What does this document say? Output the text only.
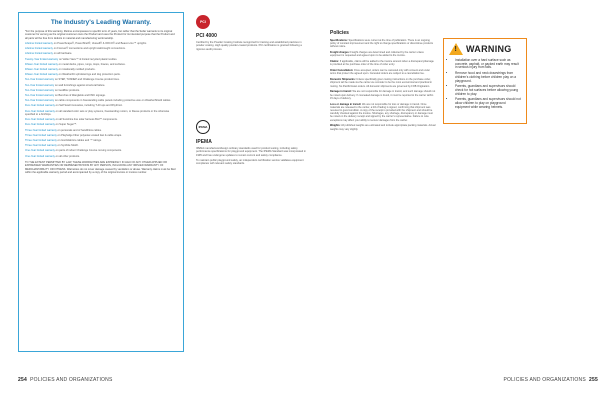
The Industry's Leading Warranty.
*For the purpose of this warranty, lifetime encompasses to specific term of years, but rather that the Seller warrants to its original customer for as long as the original customer owns the Product and uses the Product for its intended purpose that the Product and all parts will be free from defects in material and manufacturing workmanship.
Lifetime limited warranty on PowerScape®, PowerShell®, Vessell® & ORCO® and Beacon-Go™ uprights
Lifetime limited warranty on Forever® connections and upright wall-bought connections.
Lifetime limited warranty on all hardware.
Twenty-Year limited warranty on Vellier Vacu™ & limited recycled plastic textiles.
Fifteen-Year limited warranty on metal decks, pipes, rungs, loops, braces, and surfaces.
Fifteen-Year limited warranty on rotationally molded products.
Fifteen-Year limited warranty on WeatherFit upholsterings and dog protection parts.
Ten-Year limited warranty on STEP, TUNNEP and Challenge Course product lines.
Ten-Year limited warranty on wall furnishings against structural failure.
Ten-Year limited warranty on GeoBlox products.
Ten-Year limited warranty on Benches & Wanglelok and FMC signage.
Ten-Year limited warranty on cable components in freestanding cable panels including protective wax on WeatherShield cables.
Five-Year limited warranty on Self Swell innovative, including T-40 ups and Rhythmic.
Five-Year limited warranty on all standard color sets or play systems, freestanding motion, or Reese products or the otherwise specified to a birchtips.
Five-Year limited warranty on all Sunshine line solar harness Boil™ components.
Five-Year limited warranty on Super Sugar™.
Three-Year limited warranty on personals and of handiFlow cables.
Three-Year limited warranty on Playfudge Fiber polyester-coated feet & cable wraps.
Three-Year limited warranty on Gordofabrics cables and ™ ratings.
Three-Year limited warranty on Synthite Mulch.
One-Year limited warranty on parts of indoor Challenge Course moving components.
One-Year limited warranty on all other products.
TO THE EXTENT PERMITTED BY LAW, THESE WARRANTIES ARE EXPRESSLY IN LIEU OF ANY OTHER APPLIED OR EXPRESSED WARRANTIES OR REPRESENTATIONS BY ANY PERSON, INCLUDING ANY IMPLIED WARRANTY OF MERCHANTABILITY OR FITNESS. Warranties do not cover damage caused by vandalism or abuse. Warranty claims must be filed within the applicable warranty period and accompanied by a copy of the original invoice or invoice number.
PCI
PCI 4000
Certified by the Powder Coating Institute recognized for training and established practices in powder coating. High quality powder-coated products. PCI certification is granted following a rigorous audit process.
IPEMA
IPEMA

IPEMA manufacturer/design ordinary standards used for product testing, including safety performance specifications for playground equipment. The IPEMA Standard was incorporated in 1995 and has undergone updates to remain current and safety compliance.

To maintain public playground safety, an independent certification service validates equipment compliance with relevant safety standards.

Policies
Specifications: Specifications were current at the time of publication. There is an ongoing policy of constant improvement and the right to change specifications or discontinue products without notice.
Freight charges: Freight charges are determined and collected by the carrier unless equipment is requested and agreed upon to be added to the invoice.
Claims: If applicable, claims will be added to the invoice amount when a discrepancy/damage is provided at the purchase order of the time of order entry.
Order Cancellation: Once accepted, orders can be canceled only with consent and under terms that protect the agreed upon. Canceled orders are subject to a cancellation fee.
Domestic Shipments: Unless specifically given routing instructions on the purchase order, shipment will be made via the carrier we consider to be the most economical and practical in routing. No Pacific/Asian orders. All domestic shipments are governed by FOB Origination.
Damage in transit: We are not responsible for damage in transit, and such damage should not be noted upon delivery. If concealed damage is found, it must be reported to the carrier within 15 days of delivery.
Loss or damage in transit: We are not responsible for loss or damage in transit. Once materials are released to the carrier, a bill of lading is signed, confirming that shipment was received in good condition. A copy of the receipt is provided with the shipment and should be carefully checked against the invoice. Shortages, any shortage, discrepancy or damage must be noted on the delivery receipt and signed by the carrier's representative. Failure to note exceptions may affect your ability to recover damages from the carrier.
Weights: All published weights are estimated and include appropriate packing materials. Actual weights may vary slightly.
! WARNING
• Installation over a hard surface such as concrete, asphalt, or packed earth may result in serious injury from falls.
• Remove hood and neck drawstrings from children's clothing before children play on a playground.
• Parents, guardians and supervisors should check for hot surfaces before allowing young children to play.
• Parents, guardians and supervisors should not allow children to play on playground equipment while wearing helmets.
254 POLICIES AND ORGANIZATIONS	POLICIES AND ORGANIZATIONS 255
